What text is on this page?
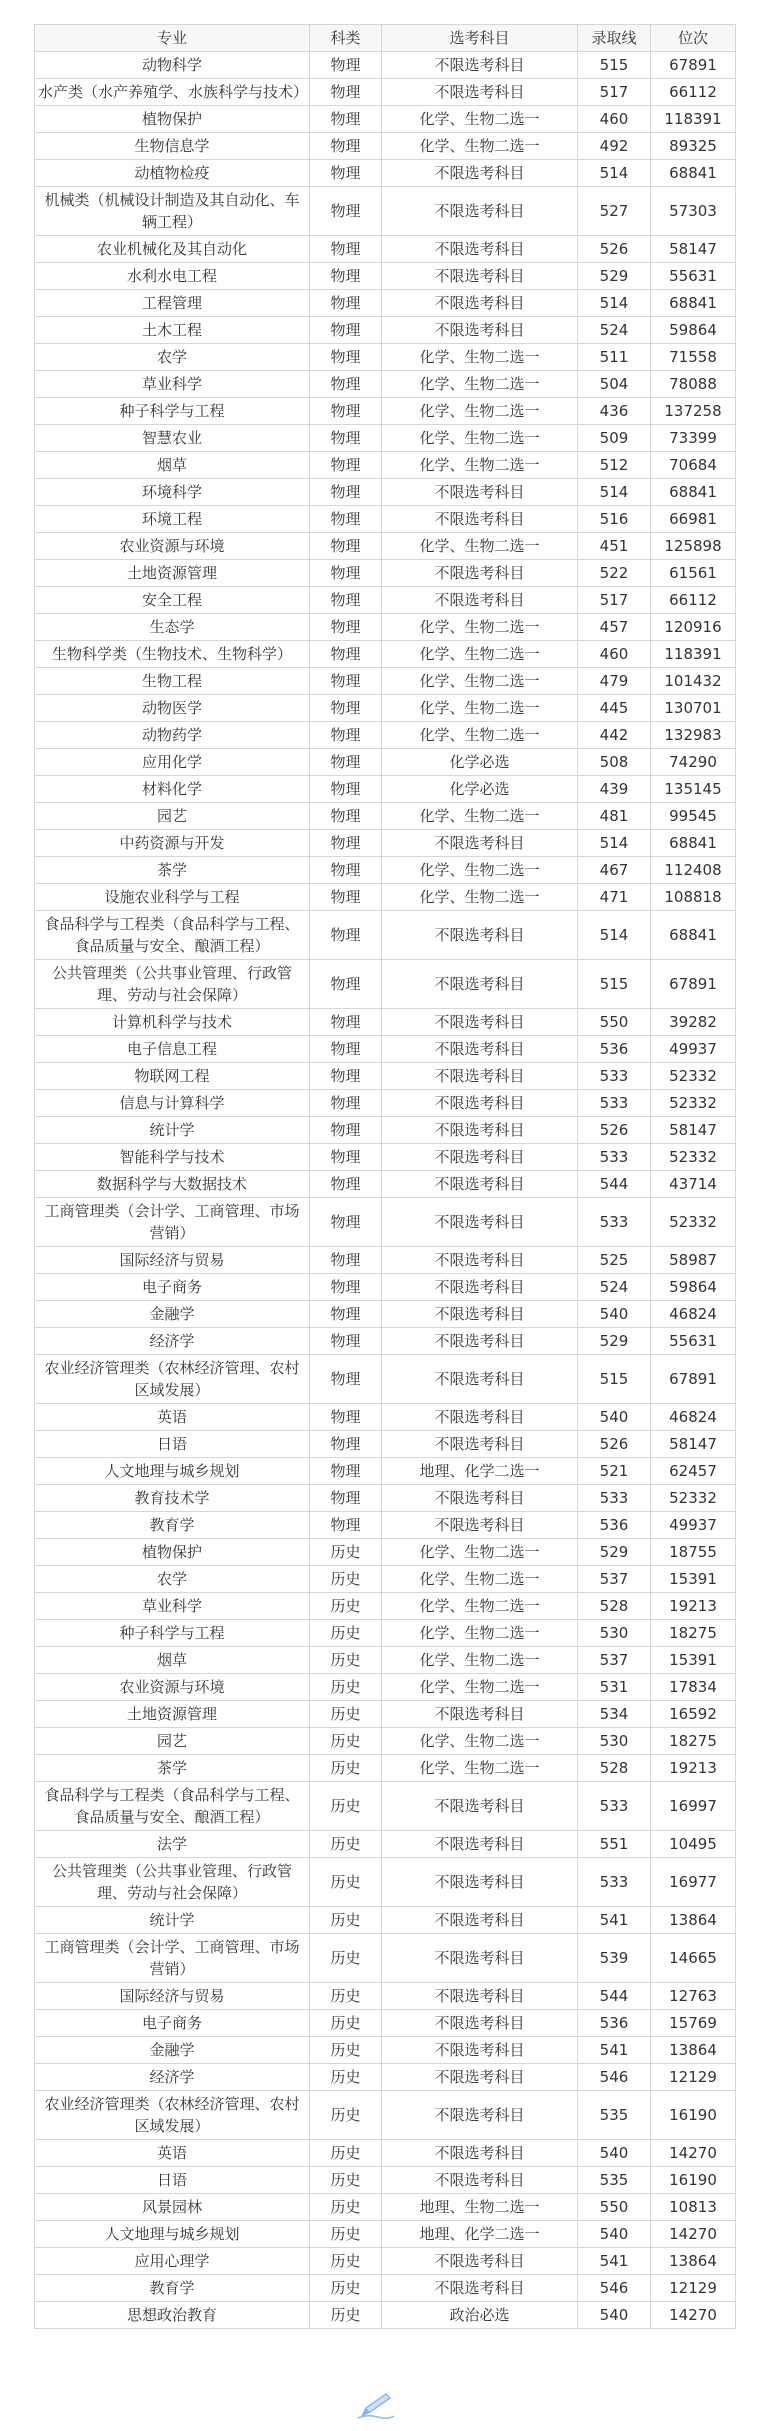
专业	科类	选考科目	录取线	位次
动物科学	物理	不限选考科目	515	67891
水产类（水产养殖学、水族科学与技术）	物理	不限选考科目	517	66112
植物保护	物理	化学、生物二选一	460	118391
生物信息学	物理	化学、生物二选一	492	89325
动植物检疫	物理	不限选考科目	514	68841
机械类（机械设计制造及其自动化、车辆工程）	物理	不限选考科目	527	57303
农业机械化及其自动化	物理	不限选考科目	526	58147
水利水电工程	物理	不限选考科目	529	55631
工程管理	物理	不限选考科目	514	68841
土木工程	物理	不限选考科目	524	59864
农学	物理	化学、生物二选一	511	71558
草业科学	物理	化学、生物二选一	504	78088
种子科学与工程	物理	化学、生物二选一	436	137258
智慧农业	物理	化学、生物二选一	509	73399
烟草	物理	化学、生物二选一	512	70684
环境科学	物理	不限选考科目	514	68841
环境工程	物理	不限选考科目	516	66981
农业资源与环境	物理	化学、生物二选一	451	125898
土地资源管理	物理	不限选考科目	522	61561
安全工程	物理	不限选考科目	517	66112
生态学	物理	化学、生物二选一	457	120916
生物科学类（生物技术、生物科学）	物理	化学、生物二选一	460	118391
生物工程	物理	化学、生物二选一	479	101432
动物医学	物理	化学、生物二选一	445	130701
动物药学	物理	化学、生物二选一	442	132983
应用化学	物理	化学必选	508	74290
材料化学	物理	化学必选	439	135145
园艺	物理	化学、生物二选一	481	99545
中药资源与开发	物理	不限选考科目	514	68841
茶学	物理	化学、生物二选一	467	112408
设施农业科学与工程	物理	化学、生物二选一	471	108818
食品科学与工程类（食品科学与工程、食品质量与安全、酿酒工程）	物理	不限选考科目	514	68841
公共管理类（公共事业管理、行政管理、劳动与社会保障）	物理	不限选考科目	515	67891
计算机科学与技术	物理	不限选考科目	550	39282
电子信息工程	物理	不限选考科目	536	49937
物联网工程	物理	不限选考科目	533	52332
信息与计算科学	物理	不限选考科目	533	52332
统计学	物理	不限选考科目	526	58147
智能科学与技术	物理	不限选考科目	533	52332
数据科学与大数据技术	物理	不限选考科目	544	43714
工商管理类（会计学、工商管理、市场营销）	物理	不限选考科目	533	52332
国际经济与贸易	物理	不限选考科目	525	58987
电子商务	物理	不限选考科目	524	59864
金融学	物理	不限选考科目	540	46824
经济学	物理	不限选考科目	529	55631
农业经济管理类（农林经济管理、农村区域发展）	物理	不限选考科目	515	67891
英语	物理	不限选考科目	540	46824
日语	物理	不限选考科目	526	58147
人文地理与城乡规划	物理	地理、化学二选一	521	62457
教育技术学	物理	不限选考科目	533	52332
教育学	物理	不限选考科目	536	49937
植物保护	历史	化学、生物二选一	529	18755
农学	历史	化学、生物二选一	537	15391
草业科学	历史	化学、生物二选一	528	19213
种子科学与工程	历史	化学、生物二选一	530	18275
烟草	历史	化学、生物二选一	537	15391
农业资源与环境	历史	化学、生物二选一	531	17834
土地资源管理	历史	不限选考科目	534	16592
园艺	历史	化学、生物二选一	530	18275
茶学	历史	化学、生物二选一	528	19213
食品科学与工程类（食品科学与工程、食品质量与安全、酿酒工程）	历史	不限选考科目	533	16997
法学	历史	不限选考科目	551	10495
公共管理类（公共事业管理、行政管理、劳动与社会保障）	历史	不限选考科目	533	16977
统计学	历史	不限选考科目	541	13864
工商管理类（会计学、工商管理、市场营销）	历史	不限选考科目	539	14665
国际经济与贸易	历史	不限选考科目	544	12763
电子商务	历史	不限选考科目	536	15769
金融学	历史	不限选考科目	541	13864
经济学	历史	不限选考科目	546	12129
农业经济管理类（农林经济管理、农村区域发展）	历史	不限选考科目	535	16190
英语	历史	不限选考科目	540	14270
日语	历史	不限选考科目	535	16190
风景园林	历史	地理、生物二选一	550	10813
人文地理与城乡规划	历史	地理、化学二选一	540	14270
应用心理学	历史	不限选考科目	541	13864
教育学	历史	不限选考科目	546	12129
思想政治教育	历史	政治必选	540	14270
